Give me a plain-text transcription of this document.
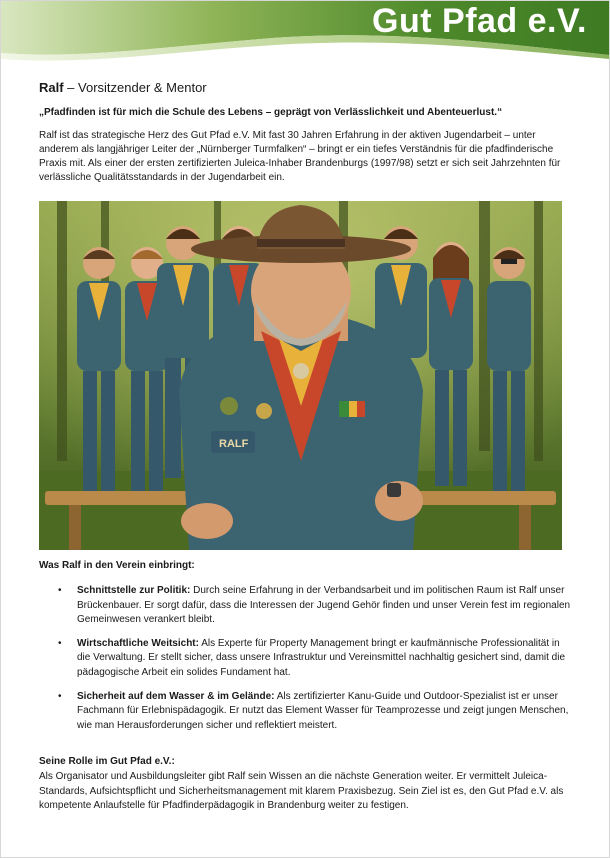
Gut Pfad e.V.

Ralf – Vorsitzender & Mentor

„Pfadfinden ist für mich die Schule des Lebens – geprägt von Verlässlichkeit und Abenteuerlust.“

Ralf ist das strategische Herz des Gut Pfad e.V. Mit fast 30 Jahren Erfahrung in der aktiven Jugendarbeit – unter anderem als langjähriger Leiter der „Nürnberger Turmfalken“ – bringt er ein tiefes Verständnis für die pfadfinderische Praxis mit. Als einer der ersten zertifizierten Juleica-Inhaber Brandenburgs (1997/98) setzt er sich seit Jahrzehnten für verlässliche Qualitätsstandards in der Jugendarbeit ein.

RALF
Was Ralf in den Verein einbringt:
• Schnittstelle zur Politik: Durch seine Erfahrung in der Verbandsarbeit und im politischen Raum ist Ralf unser Brückenbauer. Er sorgt dafür, dass die Interessen der Jugend Gehör finden und unser Verein fest im regionalen Gemeinwesen verankert bleibt.
• Wirtschaftliche Weitsicht: Als Experte für Property Management bringt er kaufmännische Professionalität in die Verwaltung. Er stellt sicher, dass unsere Infrastruktur und Vereinsmittel nachhaltig gesichert sind, damit die pädagogische Arbeit ein solides Fundament hat.
• Sicherheit auf dem Wasser & im Gelände: Als zertifizierter Kanu-Guide und Outdoor-Spezialist ist er unser Fachmann für Erlebnispädagogik. Er nutzt das Element Wasser für Teamprozesse und zeigt jungen Menschen, wie man Herausforderungen sicher und reflektiert meistert.
Seine Rolle im Gut Pfad e.V.:

Als Organisator und Ausbildungsleiter gibt Ralf sein Wissen an die nächste Generation weiter. Er vermittelt Juleica-Standards, Aufsichtspflicht und Sicherheitsmanagement mit klarem Praxisbezug. Sein Ziel ist es, den Gut Pfad e.V. als kompetente Anlaufstelle für Pfadfinderpädagogik in Brandenburg weiter zu festigen.
